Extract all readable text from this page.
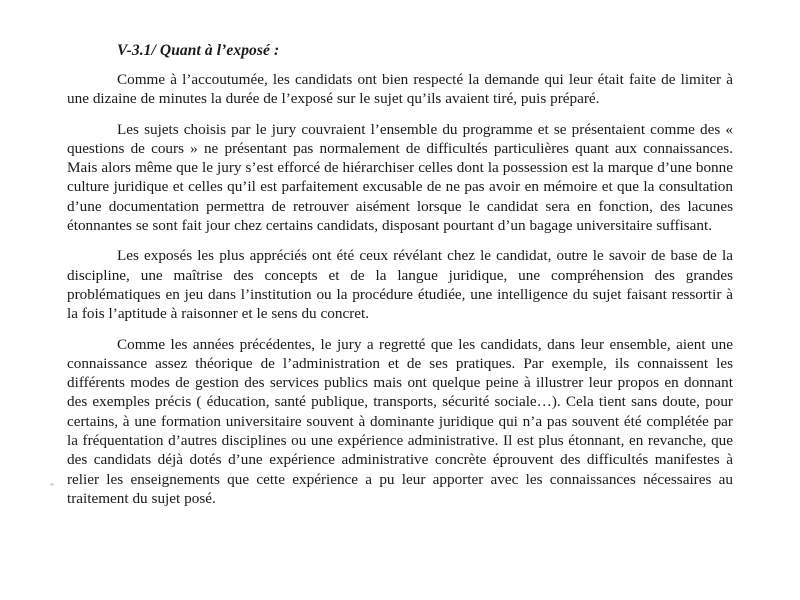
V-3.1/ Quant à l’exposé :

Comme à l’accoutumée, les candidats ont bien respecté la demande qui leur était faite de limiter à une dizaine de minutes la durée de l’exposé sur le sujet qu’ils avaient tiré, puis préparé.

Les sujets choisis par le jury couvraient l’ensemble du programme et se présentaient comme des « questions de cours » ne présentant pas normalement de difficultés particulières quant aux connaissances. Mais alors même que le jury s’est efforcé de hiérarchiser celles dont la possession est la marque d’une bonne culture juridique et celles qu’il est parfaitement excusable de ne pas avoir en mémoire et que la consultation d’une documentation permettra de retrouver aisément lorsque le candidat sera en fonction, des lacunes étonnantes se sont fait jour chez certains candidats, disposant pourtant d’un bagage universitaire suffisant.

Les exposés les plus appréciés ont été ceux révélant chez le candidat, outre le savoir de base de la discipline, une maîtrise des concepts et de la langue juridique, une compréhension des grandes problématiques en jeu dans l’institution ou la procédure étudiée, une intelligence du sujet faisant ressortir à la fois l’aptitude à raisonner et le sens du concret.

Comme les années précédentes, le jury a regretté que les candidats, dans leur ensemble, aient une connaissance assez théorique de l’administration et de ses pratiques. Par exemple, ils connaissent les différents modes de gestion des services publics mais ont quelque peine à illustrer leur propos en donnant des exemples précis ( éducation, santé publique, transports, sécurité sociale…). Cela tient sans doute, pour certains, à une formation universitaire souvent à dominante juridique qui n’a pas souvent été complétée par la fréquentation d’autres disciplines ou une expérience administrative. Il est plus étonnant, en revanche, que des candidats déjà dotés d’une expérience administrative concrète éprouvent des difficultés manifestes à relier les enseignements que cette expérience a pu leur apporter avec les connaissances nécessaires au traitement du sujet posé.
